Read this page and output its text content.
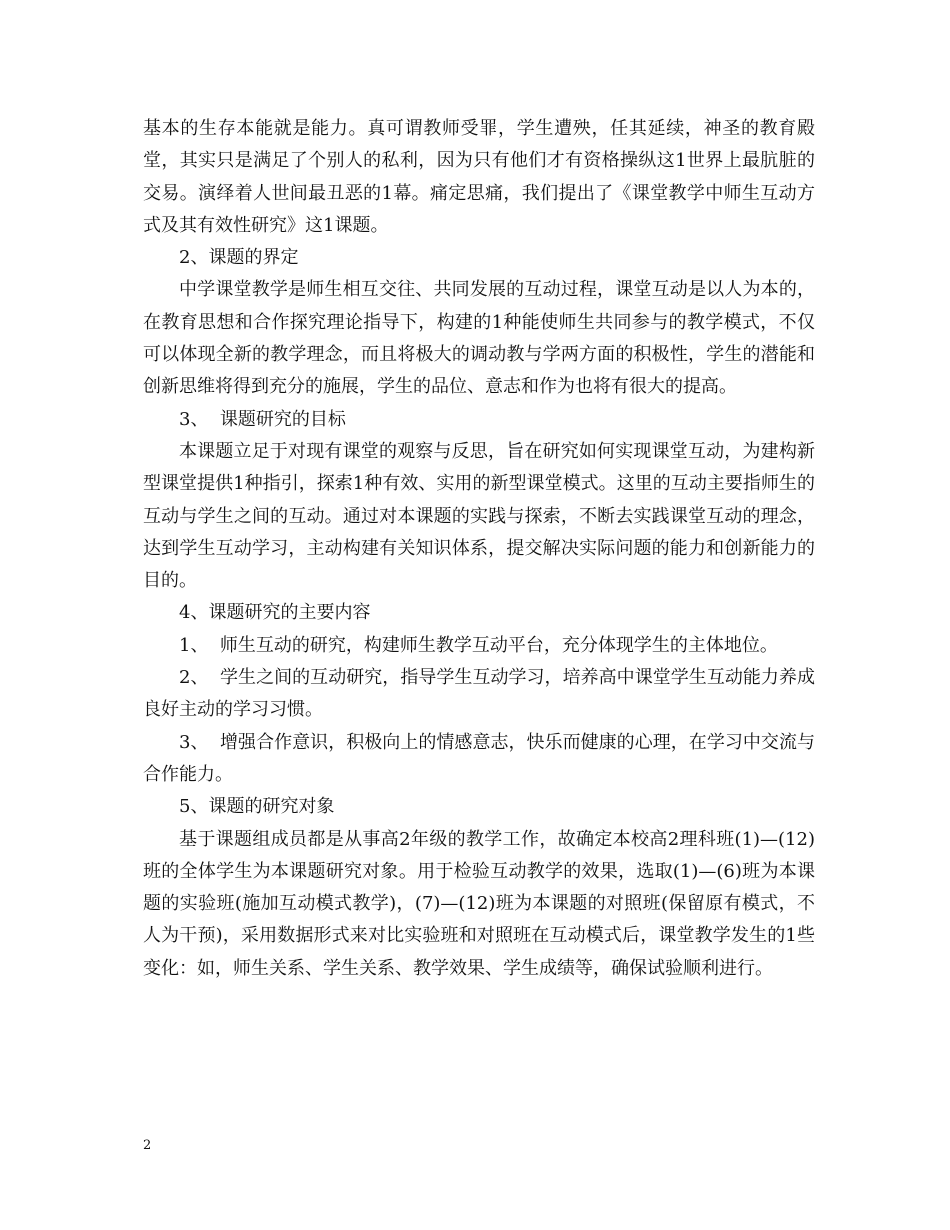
基本的生存本能就是能力。真可谓教师受罪，学生遭殃，任其延续，神圣的教育殿堂，其实只是满足了个别人的私利，因为只有他们才有资格操纵这1世界上最肮脏的交易。演绎着人世间最丑恶的1幕。痛定思痛，我们提出了《课堂教学中师生互动方式及其有效性研究》这1课题。

2、课题的界定

中学课堂教学是师生相互交往、共同发展的互动过程，课堂互动是以人为本的，在教育思想和合作探究理论指导下，构建的1种能使师生共同参与的教学模式，不仅可以体现全新的教学理念，而且将极大的调动教与学两方面的积极性，学生的潜能和创新思维将得到充分的施展，学生的品位、意志和作为也将有很大的提高。

3、  课题研究的目标

本课题立足于对现有课堂的观察与反思，旨在研究如何实现课堂互动，为建构新型课堂提供1种指引，探索1种有效、实用的新型课堂模式。这里的互动主要指师生的互动与学生之间的互动。通过对本课题的实践与探索，不断去实践课堂互动的理念，达到学生互动学习，主动构建有关知识体系，提交解决实际问题的能力和创新能力的目的。

4、课题研究的主要内容

1、  师生互动的研究，构建师生教学互动平台，充分体现学生的主体地位。

2、  学生之间的互动研究，指导学生互动学习，培养高中课堂学生互动能力养成良好主动的学习习惯。

3、  增强合作意识，积极向上的情感意志，快乐而健康的心理，在学习中交流与合作能力。

5、课题的研究对象

基于课题组成员都是从事高2年级的教学工作，故确定本校高2理科班(1)—(12)班的全体学生为本课题研究对象。用于检验互动教学的效果，选取(1)—(6)班为本课题的实验班(施加互动模式教学)，(7)—(12)班为本课题的对照班(保留原有模式，不人为干预)，采用数据形式来对比实验班和对照班在互动模式后，课堂教学发生的1些变化：如，师生关系、学生关系、教学效果、学生成绩等，确保试验顺利进行。

2
